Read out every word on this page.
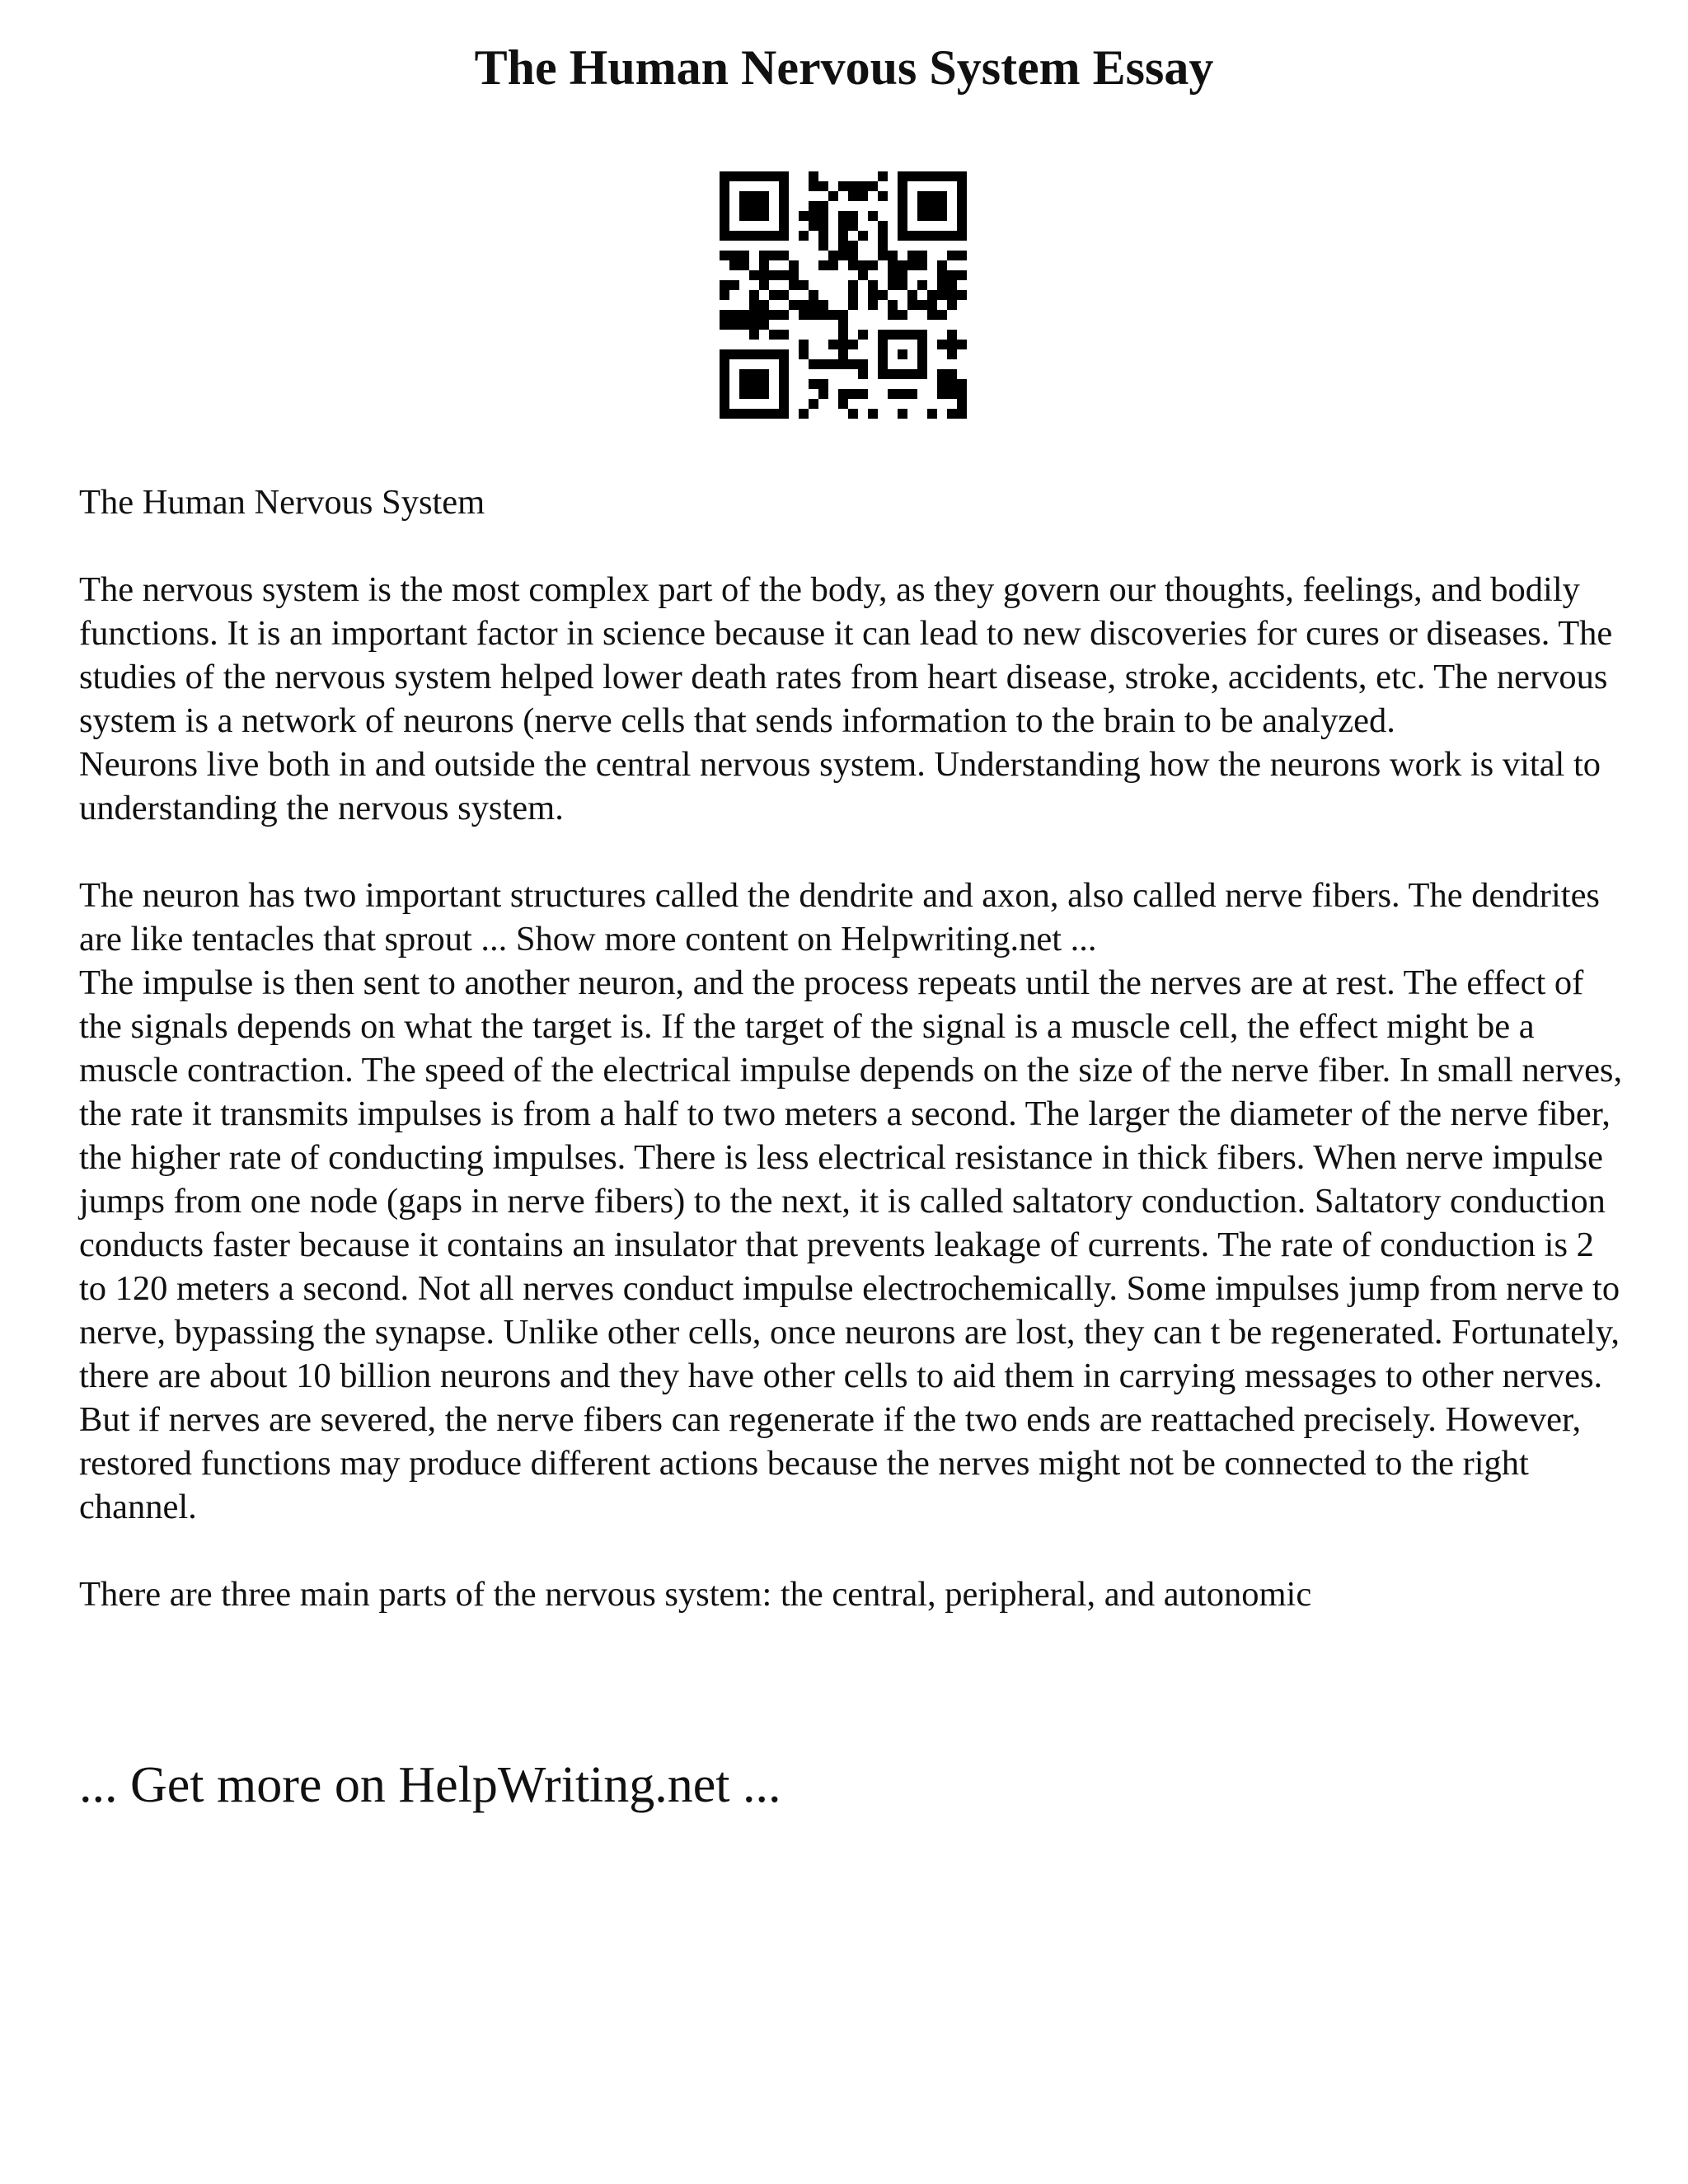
The Human Nervous System Essay

The Human Nervous System

The nervous system is the most complex part of the body, as they govern our thoughts, feelings, and bodily functions. It is an important factor in science because it can lead to new discoveries for cures or diseases. The studies of the nervous system helped lower death rates from heart disease, stroke, accidents, etc. The nervous system is a network of neurons (nerve cells that sends information to the brain to be analyzed.

Neurons live both in and outside the central nervous system. Understanding how the neurons work is vital to understanding the nervous system.

The neuron has two important structures called the dendrite and axon, also called nerve fibers. The dendrites are like tentacles that sprout ... Show more content on Helpwriting.net ...

The impulse is then sent to another neuron, and the process repeats until the nerves are at rest. The effect of the signals depends on what the target is. If the target of the signal is a muscle cell, the effect might be a muscle contraction. The speed of the electrical impulse depends on the size of the nerve fiber. In small nerves, the rate it transmits impulses is from a half to two meters a second. The larger the diameter of the nerve fiber, the higher rate of conducting impulses. There is less electrical resistance in thick fibers. When nerve impulse jumps from one node (gaps in nerve fibers) to the next, it is called saltatory conduction. Saltatory conduction conducts faster because it contains an insulator that prevents leakage of currents. The rate of conduction is 2 to 120 meters a second. Not all nerves conduct impulse electrochemically. Some impulses jump from nerve to nerve, bypassing the synapse. Unlike other cells, once neurons are lost, they can t be regenerated. Fortunately, there are about 10 billion neurons and they have other cells to aid them in carrying messages to other nerves. But if nerves are severed, the nerve fibers can regenerate if the two ends are reattached precisely. However, restored functions may produce different actions because the nerves might not be connected to the right channel.

There are three main parts of the nervous system: the central, peripheral, and autonomic

... Get more on HelpWriting.net ...
